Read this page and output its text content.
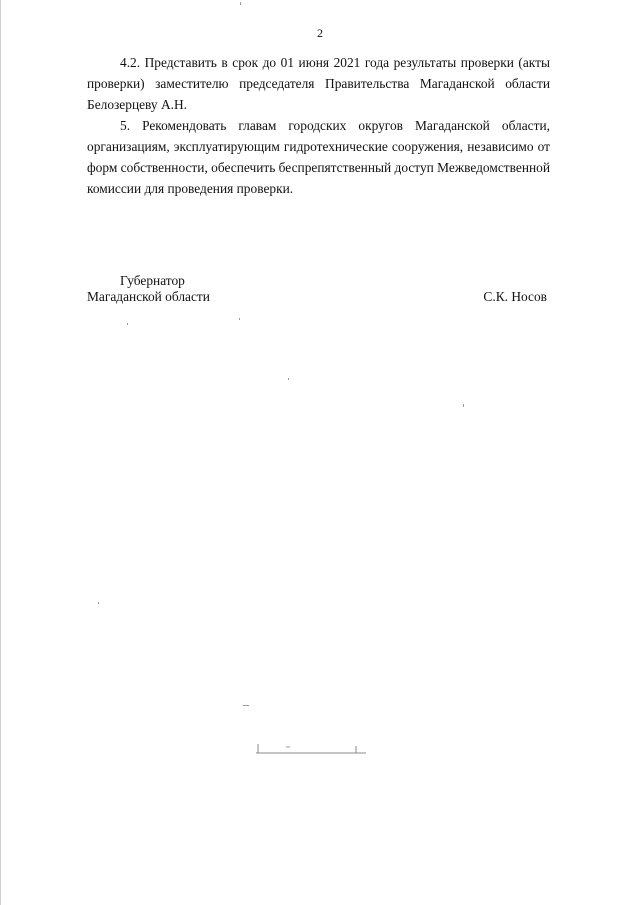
2

4.2. Представить в срок до 01 июня 2021 года результаты проверки (акты проверки) заместителю председателя Правительства Магаданской области Белозерцеву А.Н.

5. Рекомендовать главам городских округов Магаданской области, организациям, эксплуатирующим гидротехнические сооружения, независимо от форм собственности, обеспечить беспрепятственный доступ Межведомственной комиссии для проведения проверки.

Губернатор
Магаданской области	С.К. Носов
